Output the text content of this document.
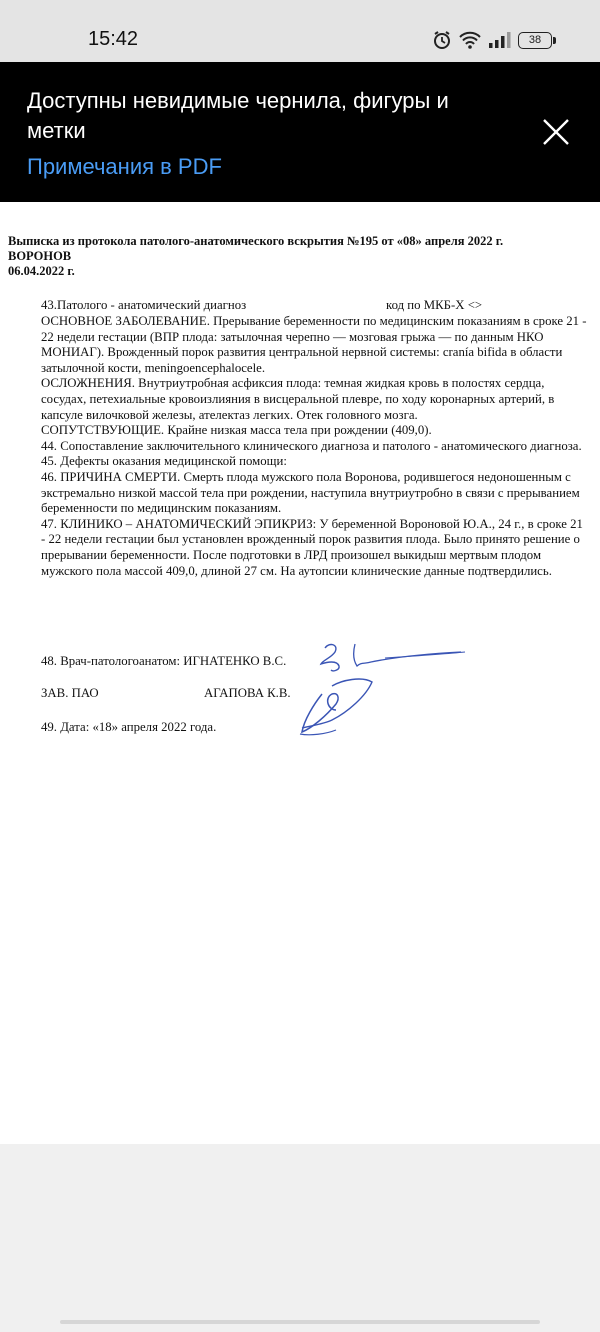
15:42	38
Доступны невидимые чернила, фигуры и метки
Примечания в PDF
Выписка из протокола патолого-анатомического вскрытия №195 от «08» апреля 2022 г.
ВОРОНОВ
06.04.2022 г.
43.Патолого - анатомический диагноз	код по МКБ-Х <>

ОСНОВНОЕ ЗАБОЛЕВАНИЕ. Прерывание беременности по медицинским показаниям в сроке 21 - 22 недели гестации (ВПР плода: затылочная черепно — мозговая грыжа — по данным НКО МОНИАГ). Врожденный порок развития центральной нервной системы: cranía bifida в области затылочной кости, meningoencephalocele.

ОСЛОЖНЕНИЯ. Внутриутробная асфиксия плода: темная жидкая кровь в полостях сердца, сосудах, петехиальные кровоизлияния в висцеральной плевре, по ходу коронарных артерий, в капсуле вилочковой железы, ателектаз легких. Отек головного мозга.

СОПУТСТВУЮЩИЕ. Крайне низкая масса тела при рождении (409,0).

44. Сопоставление заключительного клинического диагноза и патолого - анатомического диагноза.

45. Дефекты оказания медицинской помощи:

46. ПРИЧИНА СМЕРТИ. Смерть плода мужского пола Воронова, родившегося недоношенным с экстремально низкой массой тела при рождении, наступила внутриутробно в связи с прерыванием беременности по медицинским показаниям.

47. КЛИНИКО – АНАТОМИЧЕСКИЙ ЭПИКРИЗ: У беременной Вороновой Ю.А., 24 г., в сроке 21 - 22 недели гестации был установлен врожденный порок развития плода. Было принято решение о прерывании беременности. После подготовки в ЛРД произошел выкидыш мертвым плодом мужского пола массой 409,0, длиной 27 см. На аутопсии клинические данные подтвердились.

48. Врач-патологоанатом: ИГНАТЕНКО В.С.
ЗАВ. ПАО	АГАПОВА К.В.
49. Дата: «18» апреля 2022 года.
